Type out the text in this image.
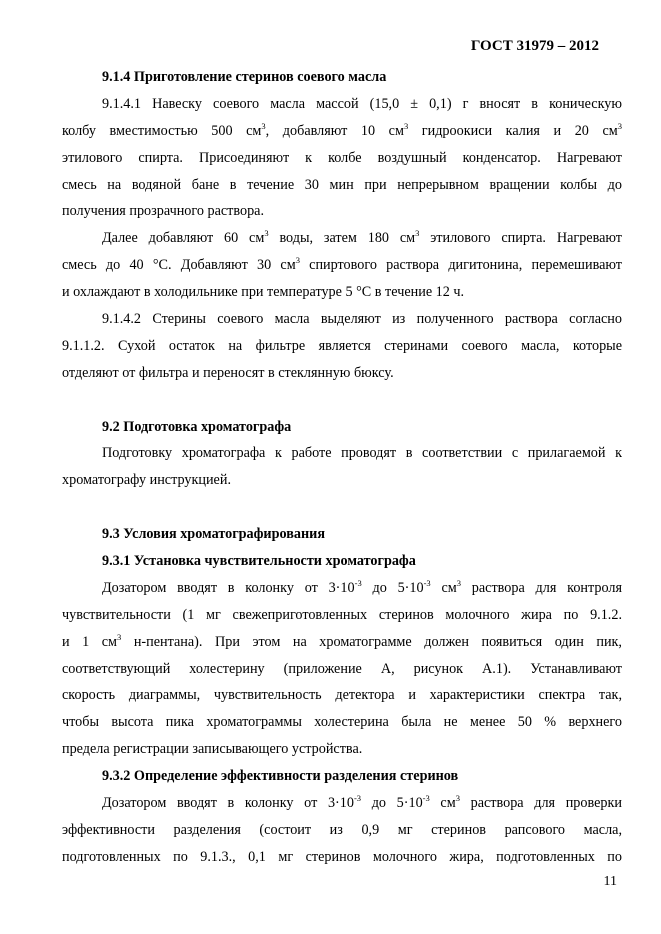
ГОСТ 31979 – 2012
9.1.4 Приготовление стеринов соевого масла
9.1.4.1 Навеску соевого масла массой (15,0 ± 0,1) г вносят в коническую
колбу вместимостью 500 $см^3$, добавляют 10 $см^3$ гидроокиси калия и 20 $см^3$
этилового спирта. Присоединяют к колбе воздушный конденсатор. Нагревают
смесь на водяной бане в течение 30 мин при непрерывном вращении колбы до
получения прозрачного раствора.
Далее добавляют 60 $см^3$ воды, затем 180 $см^3$ этилового спирта. Нагревают
смесь до 40 °С. Добавляют 30 $см^3$ спиртового раствора дигитонина, перемешивают
и охлаждают в холодильнике при температуре 5 °С в течение 12 ч.
9.1.4.2 Стерины соевого масла выделяют из полученного раствора согласно
9.1.1.2. Сухой остаток на фильтре является стеринами соевого масла, которые
отделяют от фильтра и переносят в стеклянную бюксу.
9.2 Подготовка хроматографа
Подготовку хроматографа к работе проводят в соответствии с прилагаемой к
хроматографу инструкцией.
9.3 Условия хроматографирования
9.3.1 Установка чувствительности хроматографа
Дозатором вводят в колонку от $3\cdot 10^{-3}$ до $5\cdot 10^{-3}$ $см^3$ раствора для контроля
чувствительности (1 мг свежеприготовленных стеринов молочного жира по 9.1.2.
и 1 $см^3$ н-пентана). При этом на хроматограмме должен появиться один пик,
соответствующий холестерину (приложение А, рисунок А.1). Устанавливают
скорость диаграммы, чувствительность детектора и характеристики спектра так,
чтобы высота пика хроматограммы холестерина была не менее 50 % верхнего
предела регистрации записывающего устройства.
9.3.2 Определение эффективности разделения стеринов
Дозатором вводят в колонку от $3\cdot 10^{-3}$ до $5\cdot 10^{-3}$ $см^3$ раствора для проверки
эффективности разделения (состоит из 0,9 мг стеринов рапсового масла,
подготовленных по 9.1.3., 0,1 мг стеринов молочного жира, подготовленных по
11
